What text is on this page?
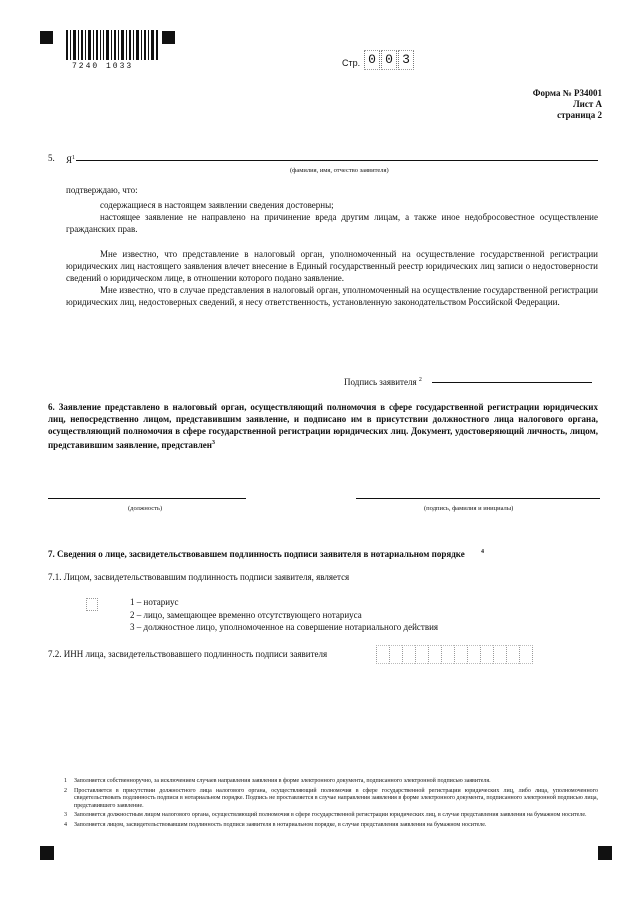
7240 1033	Стр. 0 0 3
Форма № Р34001
Лист А
страница 2
5. $Я^1$
(фамилия, имя, отчество заявителя)
подтверждаю, что:
содержащиеся в настоящем заявлении сведения достоверны;
настоящее заявление не направлено на причинение вреда другим лицам, а также иное недобросовестное осуществление гражданских прав.
Мне известно, что представление в налоговый орган, уполномоченный на осуществление государственной регистрации юридических лиц настоящего заявления влечет внесение в Единый государственный реестр юридических лиц записи о недостоверности сведений о юридическом лице, в отношении которого подано заявление.
Мне известно, что в случае представления в налоговый орган, уполномоченный на осуществление государственной регистрации юридических лиц, недостоверных сведений, я несу ответственность, установленную законодательством Российской Федерации.
Подпись заявителя $^2$
6. Заявление представлено в налоговый орган, осуществляющий полномочия в сфере государственной регистрации юридических лиц, непосредственно лицом, представившим заявление, и подписано им в присутствии должностного лица налогового органа, осуществляющий полномочия в сфере государственной регистрации юридических лиц. Документ, удостоверяющий личность, лицом, представившим заявление, представлен$^3$
(должность)	(подпись, фамилия и инициалы)
7. Сведения о лице, засвидетельствовавшем подлинность подписи заявителя в нотариальном порядке	$^4$
7.1. Лицом, засвидетельствовавшим подлинность подписи заявителя, является
1 – нотариус
2 – лицо, замещающее временно отсутствующего нотариуса
3 – должностное лицо, уполномоченное на совершение нотариального действия
7.2. ИНН лица, засвидетельствовавшего подлинность подписи заявителя
1	Заполняется собственноручно, за исключением случаев направления заявления в форме электронного документа, подписанного электронной подписью заявителя.
2	Проставляется в присутствии должностного лица налогового органа, осуществляющий полномочия в сфере государственной регистрации юридических лиц, либо лица, уполномоченного свидетельствовать подлинность подписи в нотариальном порядке. Подпись не проставляется в случае направления заявления в форме электронного документа, подписанного электронной подписью лица, представившего заявление.
3	Заполняется должностным лицом налогового органа, осуществляющий полномочия в сфере государственной регистрации юридических лиц, в случае представления заявления на бумажном носителе.
4	Заполняется лицом, засвидетельствовавшим подлинность подписи заявителя в нотариальном порядке, в случае представления заявления на бумажном носителе.
